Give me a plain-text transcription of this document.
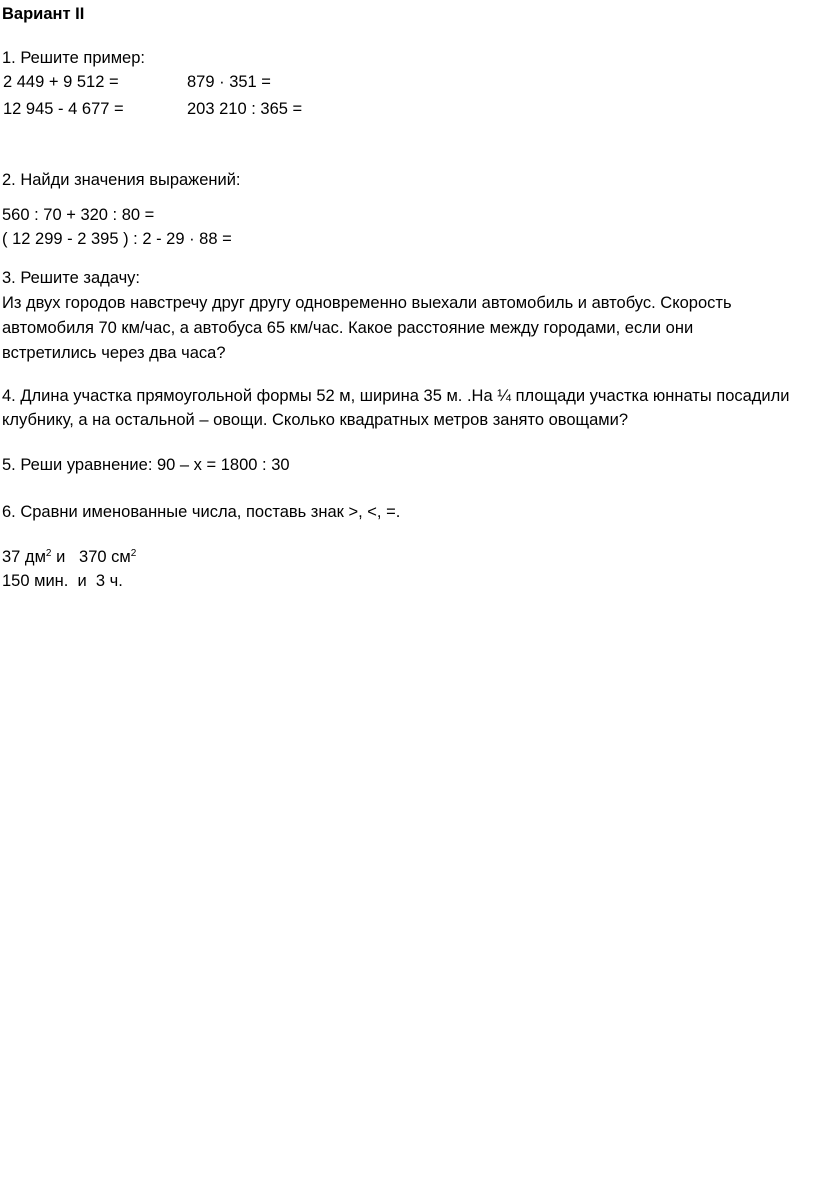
Вариант II
1. Решите пример:
2 449 + 9 512 =	879 · 351 =
12 945 - 4 677 =	203 210 : 365 =
2. Найди значения выражений:
560 : 70 + 320 : 80 =
( 12 299 - 2 395 ) : 2 - 29 · 88 =
3. Решите задачу:
Из двух городов навстречу друг другу одновременно выехали автомобиль и автобус. Скорость
автомобиля 70 км/час, а автобуса 65 км/час. Какое расстояние между городами, если они
встретились через два часа?
4. Длина участка прямоугольной формы 52 м, ширина 35 м. .На ¼ площади участка юннаты посадили
клубнику, а на остальной – овощи. Сколько квадратных метров занято овощами?
5. Реши уравнение: 90 – х = 1800 : 30
6. Сравни именованные числа, поставь знак >, <, =.
37 $дм^2$ и   370 $см^2$
150 мин.  и  3 ч.
